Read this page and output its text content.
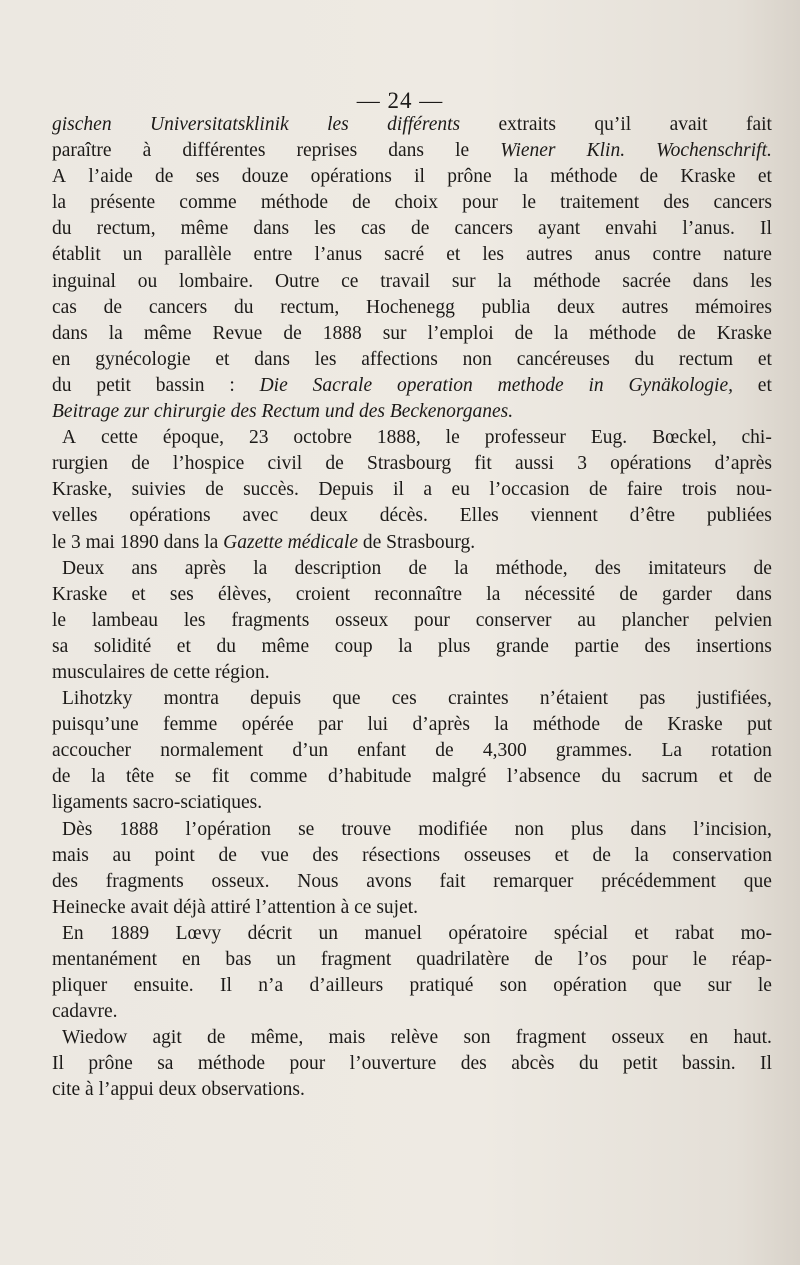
— 24 —
gischen Universitatsklinik les différents extraits qu’il avait fait
paraître à différentes reprises dans le Wiener Klin. Wochenschrift.
A l’aide de ses douze opérations il prône la méthode de Kraske et
la présente comme méthode de choix pour le traitement des cancers
du rectum, même dans les cas de cancers ayant envahi l’anus. Il
établit un parallèle entre l’anus sacré et les autres anus contre nature
inguinal ou lombaire. Outre ce travail sur la méthode sacrée dans les
cas de cancers du rectum, Hochenegg publia deux autres mémoires
dans la même Revue de 1888 sur l’emploi de la méthode de Kraske
en gynécologie et dans les affections non cancéreuses du rectum et
du petit bassin : Die Sacrale operation methode in Gynäkologie, et
Beitrage zur chirurgie des Rectum und des Beckenorganes.
A cette époque, 23 octobre 1888, le professeur Eug. Bœckel, chi-
rurgien de l’hospice civil de Strasbourg fit aussi 3 opérations d’après
Kraske, suivies de succès. Depuis il a eu l’occasion de faire trois nou-
velles opérations avec deux décès. Elles viennent d’être publiées
le 3 mai 1890 dans la Gazette médicale de Strasbourg.
Deux ans après la description de la méthode, des imitateurs de
Kraske et ses élèves, croient reconnaître la nécessité de garder dans
le lambeau les fragments osseux pour conserver au plancher pelvien
sa solidité et du même coup la plus grande partie des insertions
musculaires de cette région.
Lihotzky montra depuis que ces craintes n’étaient pas justifiées,
puisqu’une femme opérée par lui d’après la méthode de Kraske put
accoucher normalement d’un enfant de 4,300 grammes. La rotation
de la tête se fit comme d’habitude malgré l’absence du sacrum et de
ligaments sacro-sciatiques.
Dès 1888 l’opération se trouve modifiée non plus dans l’incision,
mais au point de vue des résections osseuses et de la conservation
des fragments osseux. Nous avons fait remarquer précédemment que
Heinecke avait déjà attiré l’attention à ce sujet.
En 1889 Lœvy décrit un manuel opératoire spécial et rabat mo-
mentanément en bas un fragment quadrilatère de l’os pour le réap-
pliquer ensuite. Il n’a d’ailleurs pratiqué son opération que sur le
cadavre.
Wiedow agit de même, mais relève son fragment osseux en haut.
Il prône sa méthode pour l’ouverture des abcès du petit bassin. Il
cite à l’appui deux observations.
